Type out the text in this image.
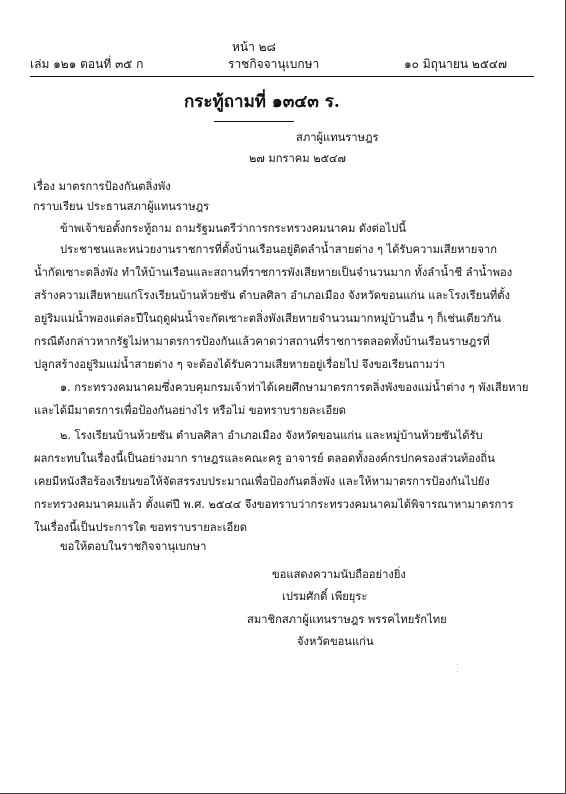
หน้า ๒๘
เล่ม ๑๒๑ ตอนที่ ๓๕ ก	ราชกิจจานุเบกษา	๑๐ มิถุนายน ๒๕๔๗
กระทู้ถามที่ ๑๓๔๓ ร.
สภาผู้แทนราษฎร
๒๗ มกราคม ๒๕๔๗
เรื่อง มาตรการป้องกันตลิ่งพัง
กราบเรียน ประธานสภาผู้แทนราษฎร
ข้าพเจ้าขอตั้งกระทู้ถาม ถามรัฐมนตรีว่าการกระทรวงคมนาคม ดังต่อไปนี้
ประชาชนและหน่วยงานราชการที่ตั้งบ้านเรือนอยู่ติดลำน้ำสายต่าง ๆ ได้รับความเสียหายจาก
น้ำกัดเซาะตลิ่งพัง ทำให้บ้านเรือนและสถานที่ราชการพังเสียหายเป็นจำนวนมาก ทั้งลำน้ำชี ลำน้ำพอง
สร้างความเสียหายแก่โรงเรียนบ้านห้วยซัน ตำบลศิลา อำเภอเมือง จังหวัดขอนแก่น และโรงเรียนที่ตั้ง
อยู่ริมแม่น้ำพองแต่ละปีในฤดูฝนน้ำจะกัดเซาะตลิ่งพังเสียหายจำนวนมากหมู่บ้านอื่น ๆ ก็เช่นเดียวกัน
กรณีดังกล่าวหากรัฐไม่หามาตรการป้องกันแล้วคาดว่าสถานที่ราชการตลอดทั้งบ้านเรือนราษฎรที่
ปลูกสร้างอยู่ริมแม่น้ำสายต่าง ๆ จะต้องได้รับความเสียหายอยู่เรื่อยไป จึงขอเรียนถามว่า
๑. กระทรวงคมนาคมซึ่งควบคุมกรมเจ้าท่าได้เคยศึกษามาตรการตลิ่งพังของแม่น้ำต่าง ๆ พังเสียหาย
และได้มีมาตรการเพื่อป้องกันอย่างไร หรือไม่ ขอทราบรายละเอียด
๒. โรงเรียนบ้านห้วยซัน ตำบลศิลา อำเภอเมือง จังหวัดขอนแก่น และหมู่บ้านห้วยซันได้รับ
ผลกระทบในเรื่องนี้เป็นอย่างมาก ราษฎรและคณะครู อาจารย์ ตลอดทั้งองค์กรปกครองส่วนท้องถิ่น
เคยมีหนังสือร้องเรียนขอให้จัดสรรงบประมาณเพื่อป้องกันตลิ่งพัง และให้หามาตรการป้องกันไปยัง
กระทรวงคมนาคมแล้ว ตั้งแต่ปี พ.ศ. ๒๕๔๔ จึงขอทราบว่ากระทรวงคมนาคมได้พิจารณาหามาตรการ
ในเรื่องนี้เป็นประการใด ขอทราบรายละเอียด
ขอให้ตอบในราชกิจจานุเบกษา
ขอแสดงความนับถืออย่างยิ่ง
เปรมศักดิ์ เพียยุระ
สมาชิกสภาผู้แทนราษฎร พรรคไทยรักไทย
จังหวัดขอนแก่น
